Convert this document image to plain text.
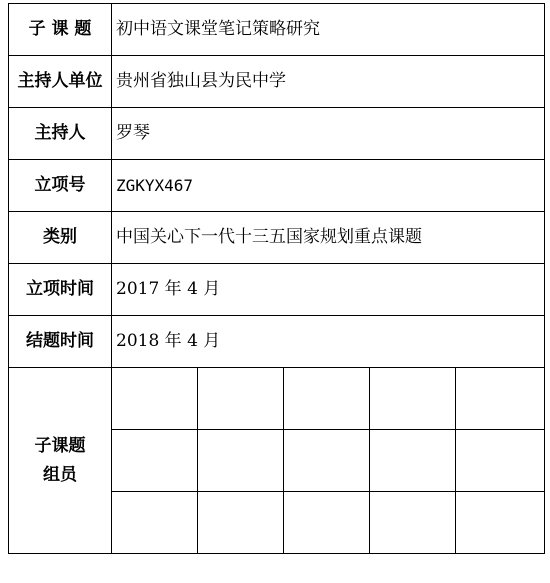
子 课 题	初中语文课堂笔记策略研究				
主持人单位	贵州省独山县为民中学				
主持人	罗琴				
立项号	ZGKYX467				
类别	中国关心下一代十三五国家规划重点课题				
立项时间	2017 年 4 月				
结题时间	2018 年 4 月				

子课题
组员					
